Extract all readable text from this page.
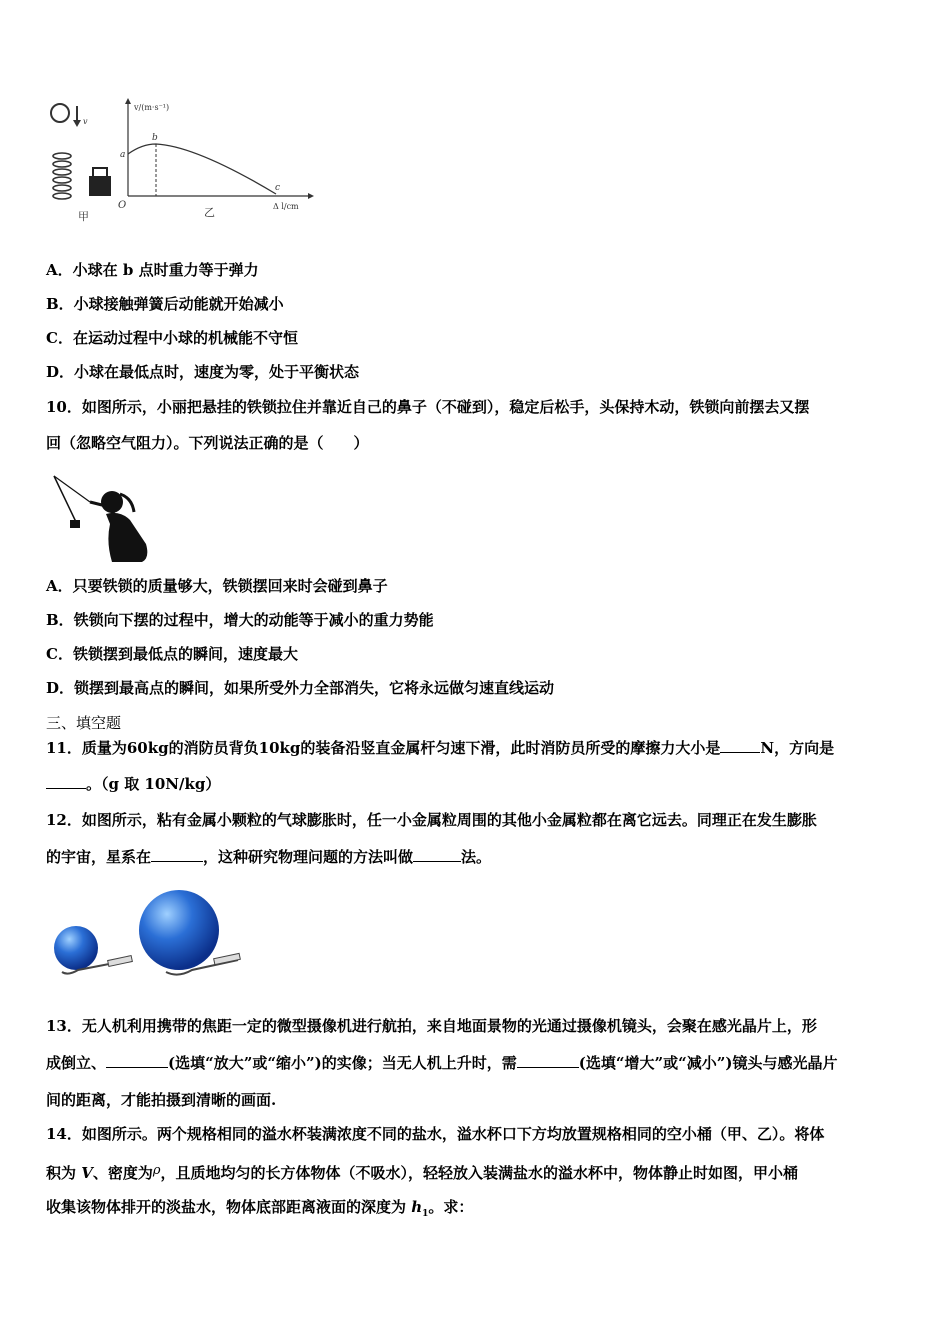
v
甲
v/(m·s⁻¹)
Δ l/cm
O
a
b
c
乙
A．小球在 b 点时重力等于弹力
B．小球接触弹簧后动能就开始减小
C．在运动过程中小球的机械能不守恒
D．小球在最低点时，速度为零，处于平衡状态
10．如图所示，小丽把悬挂的铁锁拉住并靠近自己的鼻子（不碰到），稳定后松手，头保持木动，铁锁向前摆去又摆
回（忽略空气阻力）。下列说法正确的是（　　）
A．只要铁锁的质量够大，铁锁摆回来时会碰到鼻子
B．铁锁向下摆的过程中，增大的动能等于减小的重力势能
C．铁锁摆到最低点的瞬间，速度最大
D．锁摆到最高点的瞬间，如果所受外力全部消失，它将永远做匀速直线运动
三、填空题
11．质量为60kg的消防员背负10kg的装备沿竖直金属杆匀速下滑，此时消防员所受的摩擦力大小是	N，方向是
。（g 取 10N/kg）
12．如图所示，粘有金属小颗粒的气球膨胀时，任一小金属粒周围的其他小金属粒都在离它远去。同理正在发生膨胀
的宇宙，星系在	，这种研究物理问题的方法叫做	法。
13．无人机利用携带的焦距一定的微型摄像机进行航拍，来自地面景物的光通过摄像机镜头，会聚在感光晶片上，形
成倒立、	(选填“放大”或“缩小”)的实像；当无人机上升时，需	(选填“增大”或“减小”)镜头与感光晶片
间的距离，才能拍摄到清晰的画面.
14．如图所示。两个规格相同的溢水杯装满浓度不同的盐水，溢水杯口下方均放置规格相同的空小桶（甲、乙）。将体
积为 V、密度为ρ，且质地均匀的长方体物体（不吸水），轻轻放入装满盐水的溢水杯中，物体静止时如图，甲小桶
收集该物体排开的淡盐水，物体底部距离液面的深度为 $h_1$。求：
